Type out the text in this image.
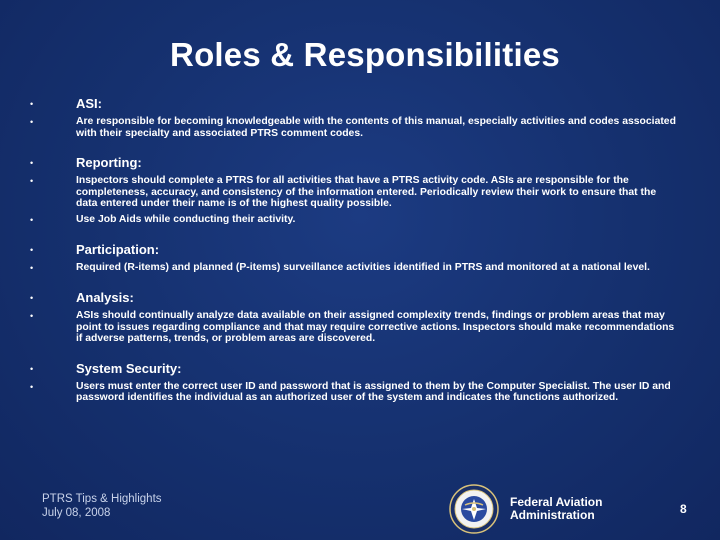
Roles & Responsibilities
•	ASI:
•	Are responsible for becoming knowledgeable with the contents of this manual, especially activities and codes associated with their specialty and associated PTRS comment codes.
•	Reporting:
•	Inspectors should complete a PTRS for all activities that have a PTRS activity code. ASIs are responsible for the completeness, accuracy, and consistency of the information entered. Periodically review their work to ensure that the data entered under their name is of the highest quality possible.
•	Use Job Aids while conducting their activity.
•	Participation:
•	Required (R-items) and planned (P-items) surveillance activities identified in PTRS and monitored at a national level.
•	Analysis:
•	ASIs should continually analyze data available on their assigned complexity trends, findings or problem areas that may point to issues regarding compliance and that may require corrective actions. Inspectors should make recommendations if adverse patterns, trends, or problem areas are discovered.
•	System Security:
•	Users must enter the correct user ID and password that is assigned to them by the Computer Specialist. The user ID and password identifies the individual as an authorized user of the system and indicates the functions authorized.
PTRS Tips & Highlights
July 08, 2008
Federal Aviation
Administration	8
